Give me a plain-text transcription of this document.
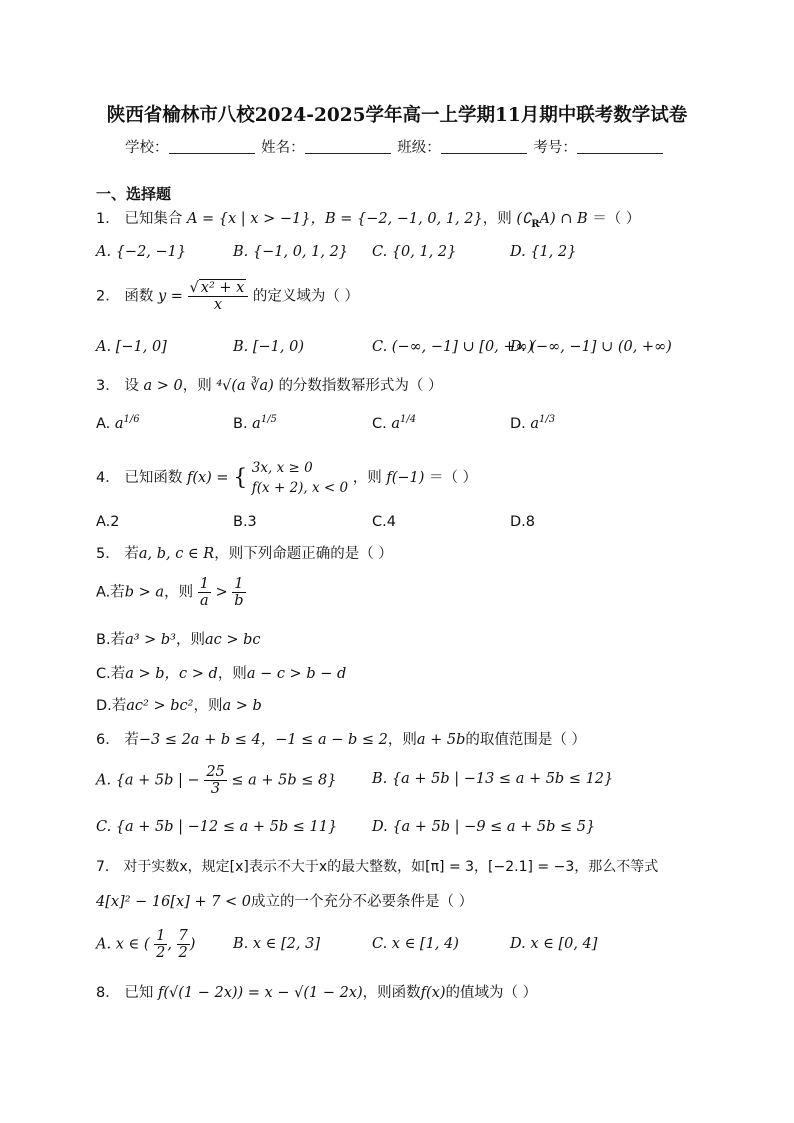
陕西省榆林市八校2024-2025学年高一上学期11月期中联考数学试卷
学校：	姓名：	班级：	考号：
一、选择题
1． 已知集合 A = {x | x > −1}，B = {−2, −1, 0, 1, 2}，则 $(∁_RA)$ ∩ B ＝（ ）
A. {−2, −1}	B. {−1, 0, 1, 2} C. {0, 1, 2}	D. {1, 2}
2． 函数 $y = \frac{\text{√ x² + x}}{x}$ 的定义域为（ ）
A. [−1, 0]	B. [−1, 0)	C. (−∞, −1] ∪ [0, +∞)
D. (−∞, −1] ∪ (0, +∞)
3． 设 a > 0，则 ⁴√(a ∛a) 的分数指数幂形式为（ ）
A. $a^{1/6}$	B. $a^{1/5}$	C. $a^{1/4}$	D. $a^{1/3}$
4． 已知函数 f(x) = { 3x, x ≥ 0
f(x + 2), x < 0
，则 f(−1) ＝（ ）
A.2	B.3	C.4	D.8
5． 若a, b, c ∈ R，则下列命题正确的是（ ）
A.若b > a，则 $\frac{1}{a} > \frac{1}{b}$
B.若a³ > b³，则ac > bc
C.若a > b，c > d，则a − c > b − d
D.若ac² > bc²，则a > b
6． 若−3 ≤ 2a + b ≤ 4，−1 ≤ a − b ≤ 2，则a + 5b的取值范围是（ ）
A. {a + 5b | − $\frac{25}{3} \le a + 5b \le 8$} B. {a + 5b | −13 ≤ a + 5b ≤ 12}
C. {a + 5b | −12 ≤ a + 5b ≤ 11} D. {a + 5b | −9 ≤ a + 5b ≤ 5}
7． 对于实数x，规定[x]表示不大于x的最大整数，如[π] = 3，[−2.1] = −3，那么不等式
4[x]² − 16[x] + 7 < 0成立的一个充分不必要条件是（ ）
A. x ∈ ( $\frac{1}{2}$ , $\frac{7}{2}$ )	B. x ∈ [2, 3]	C. x ∈ [1, 4)	D. x ∈ [0, 4]
8． 已知 f(√(1 − 2x)) = x − √(1 − 2x)，则函数f(x)的值域为（ ）
